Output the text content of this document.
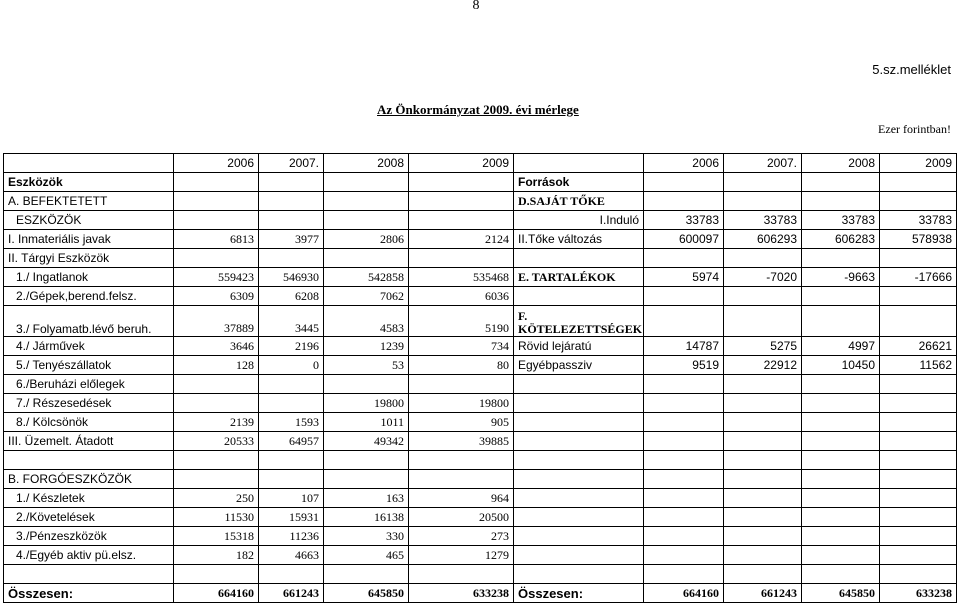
8
5.sz.melléklet
Az Önkormányzat 2009. évi mérlege
Ezer forintban!
	2006	2007.	2008	2009		2006	2007.	2008	2009
Eszközök					Források				
A. BEFEKTETETT					D.SAJÁT TŐKE				
ESZKÖZÖK					I.Induló	33783	33783	33783	33783
I. Inmateriális javak	6813	3977	2806	2124	II.Tőke változás	600097	606293	606283	578938
II. Tárgyi Eszközök									
1./ Ingatlanok	559423	546930	542858	535468	E. TARTALÉKOK	5974	-7020	-9663	-17666
2./Gépek,berend.felsz.	6309	6208	7062	6036					
3./ Folyamatb.lévő beruh.	37889	3445	4583	5190	F. KÖTELEZETTSÉGEK				
4./ Járművek	3646	2196	1239	734	Rövid lejáratú	14787	5275	4997	26621
5./ Tenyészállatok	128	0	53	80	Egyébpassziv	9519	22912	10450	11562
6./Beruházi előlegek									
7./ Részesedések			19800	19800					
8./ Kölcsönök	2139	1593	1011	905					
III. Üzemelt. Átadott	20533	64957	49342	39885					

B. FORGÓESZKÖZÖK									
1./ Készletek	250	107	163	964					
2./Követelések	11530	15931	16138	20500					
3./Pénzeszközök	15318	11236	330	273					
4./Egyéb aktiv pü.elsz.	182	4663	465	1279					

Összesen:	664160	661243	645850	633238	Összesen:	664160	661243	645850	633238
